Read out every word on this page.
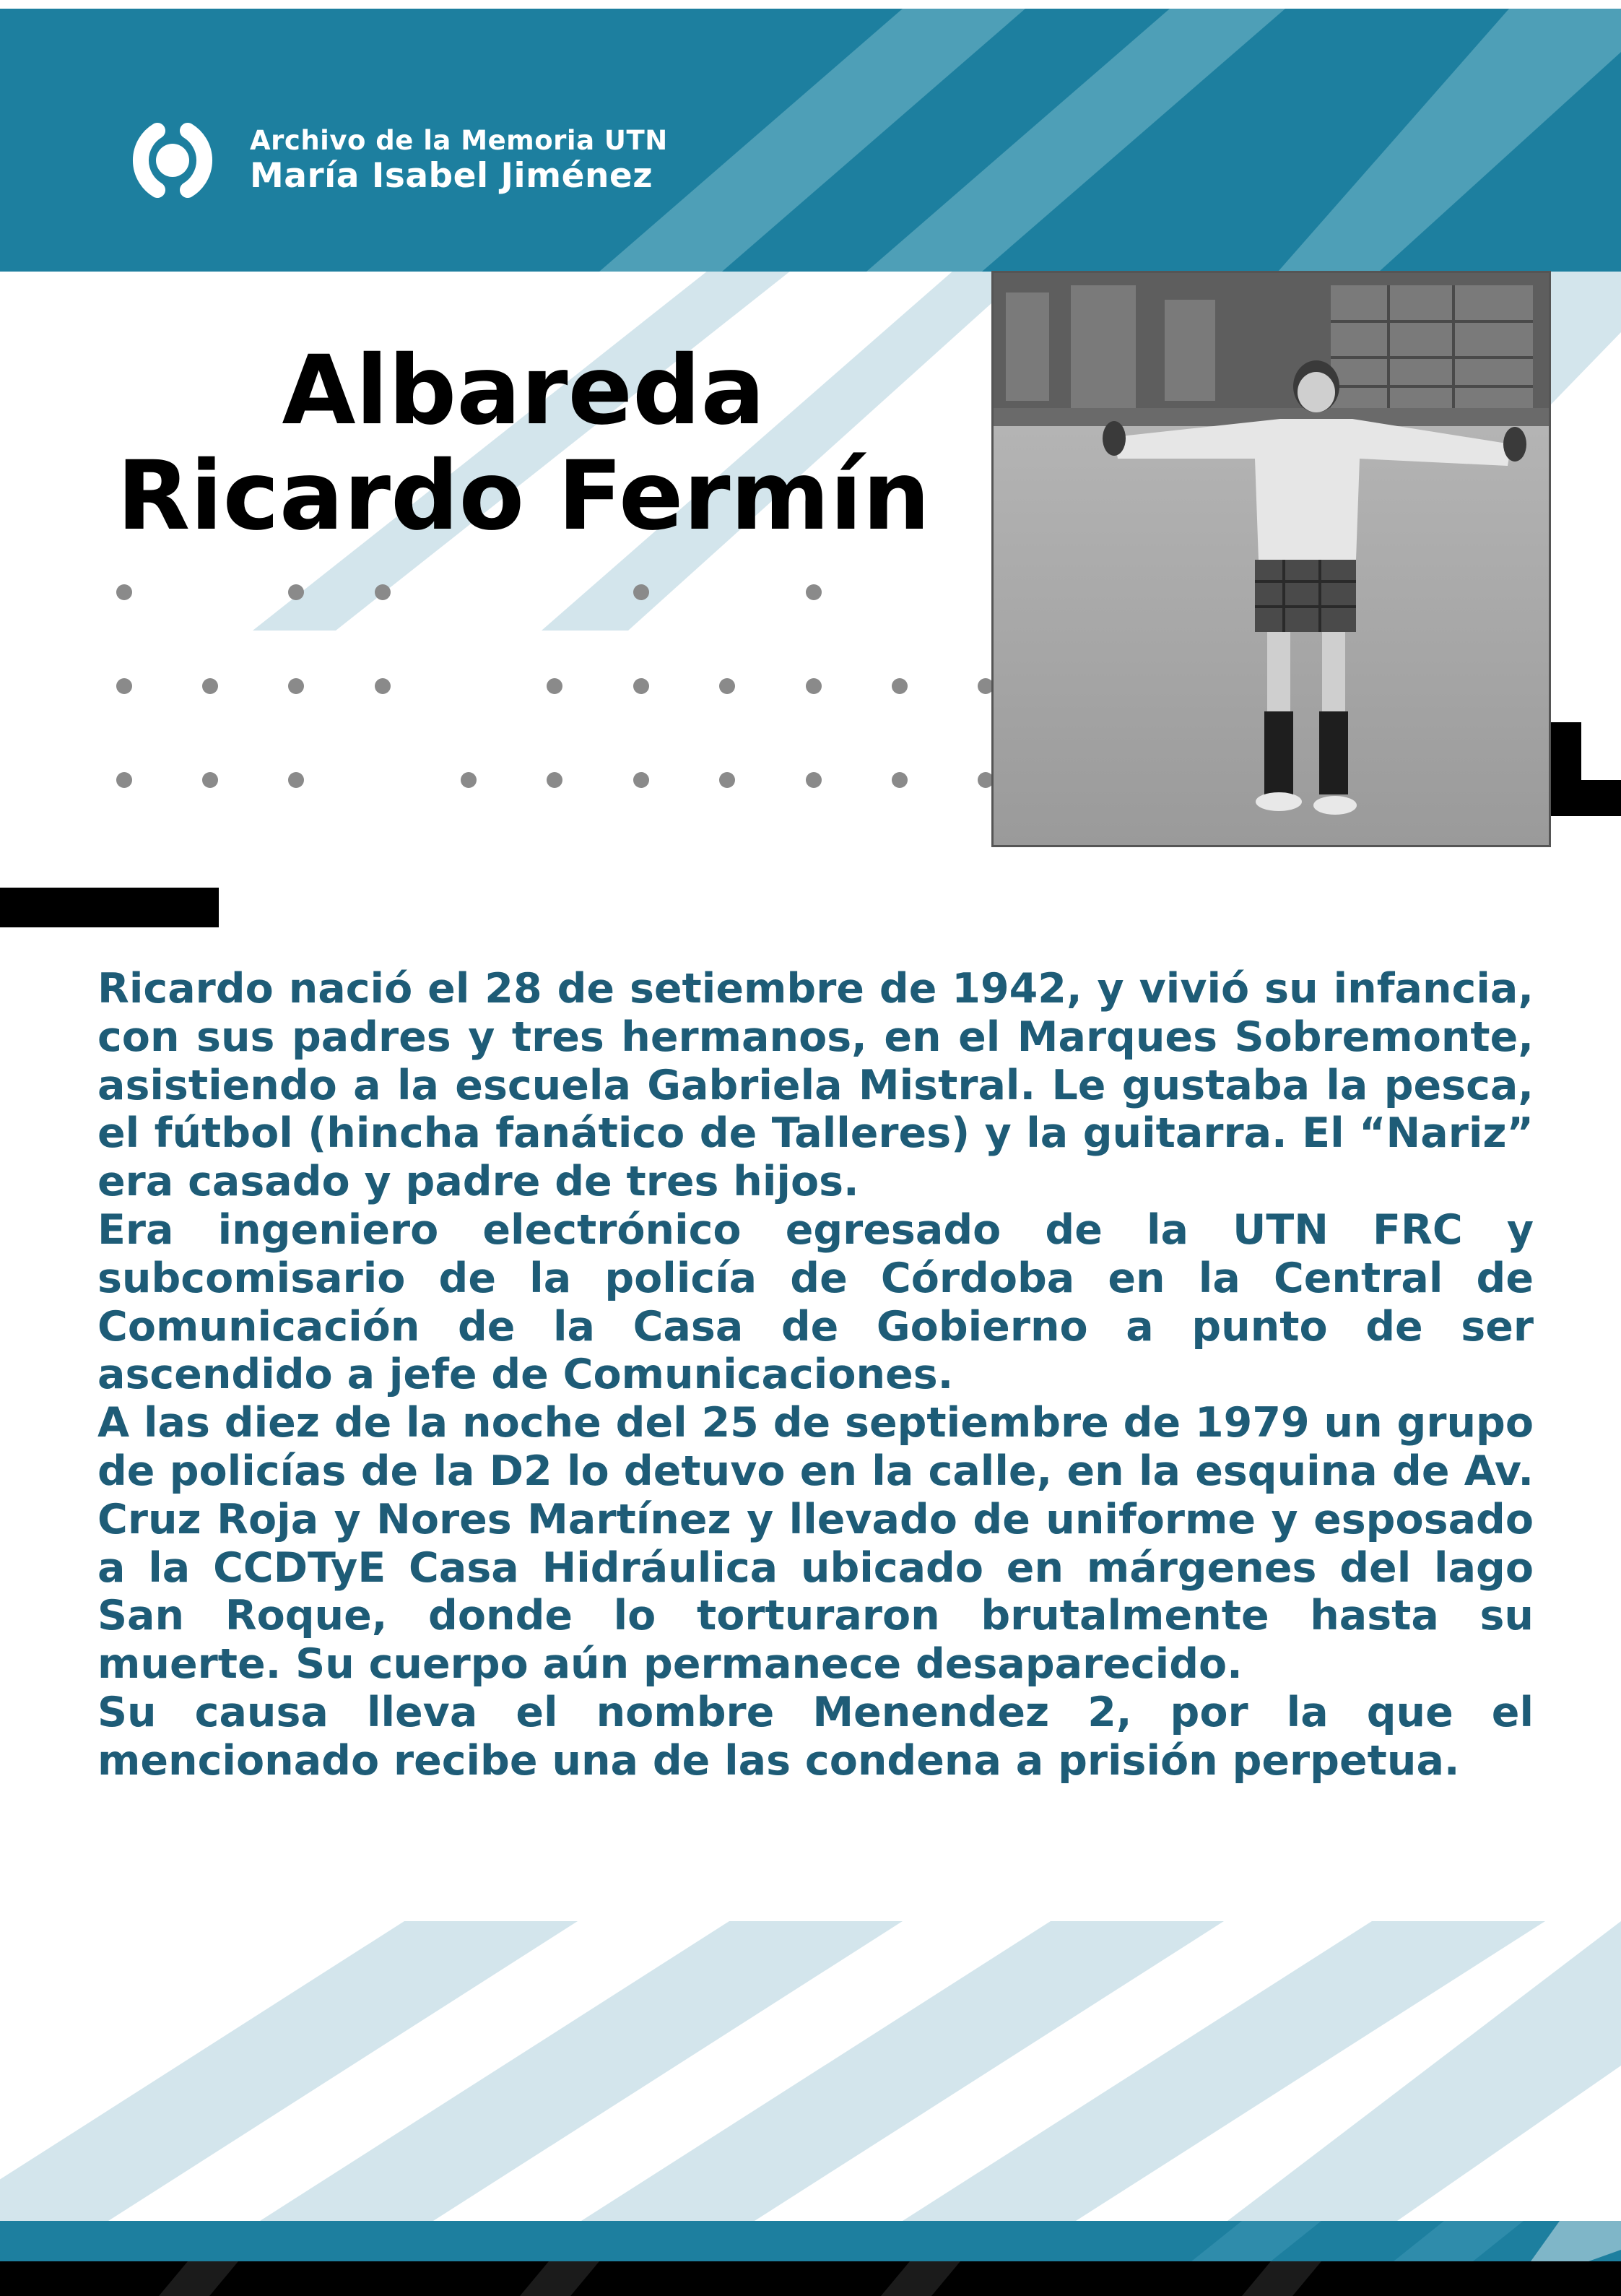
Archivo de la Memoria UTN
María Isabel Jiménez
Albareda
Ricardo Fermín

Ricardo nació el 28 de setiembre de 1942, y vivió su infancia, con sus padres y tres hermanos, en el Marques Sobremonte, asistiendo a la escuela Gabriela Mistral. Le gustaba la pesca, el fútbol (hincha fanático de Talleres) y la guitarra. El “Nariz” era casado y padre de tres hijos.

Era ingeniero electrónico egresado de la UTN FRC y subcomisario de la policía de Córdoba en la Central de Comunicación de la Casa de Gobierno a punto de ser ascendido a jefe de Comunicaciones.

A las diez de la noche del 25 de septiembre de 1979 un grupo de policías de la D2 lo detuvo en la calle, en la esquina de Av. Cruz Roja y Nores Martínez y llevado de uniforme y esposado a la CCDTyE Casa Hidráulica ubicado en márgenes del lago San Roque, donde lo torturaron brutalmente hasta su muerte. Su cuerpo aún permanece desaparecido.

Su causa lleva el nombre Menendez 2, por la que el mencionado recibe una de las condena a prisión perpetua.
